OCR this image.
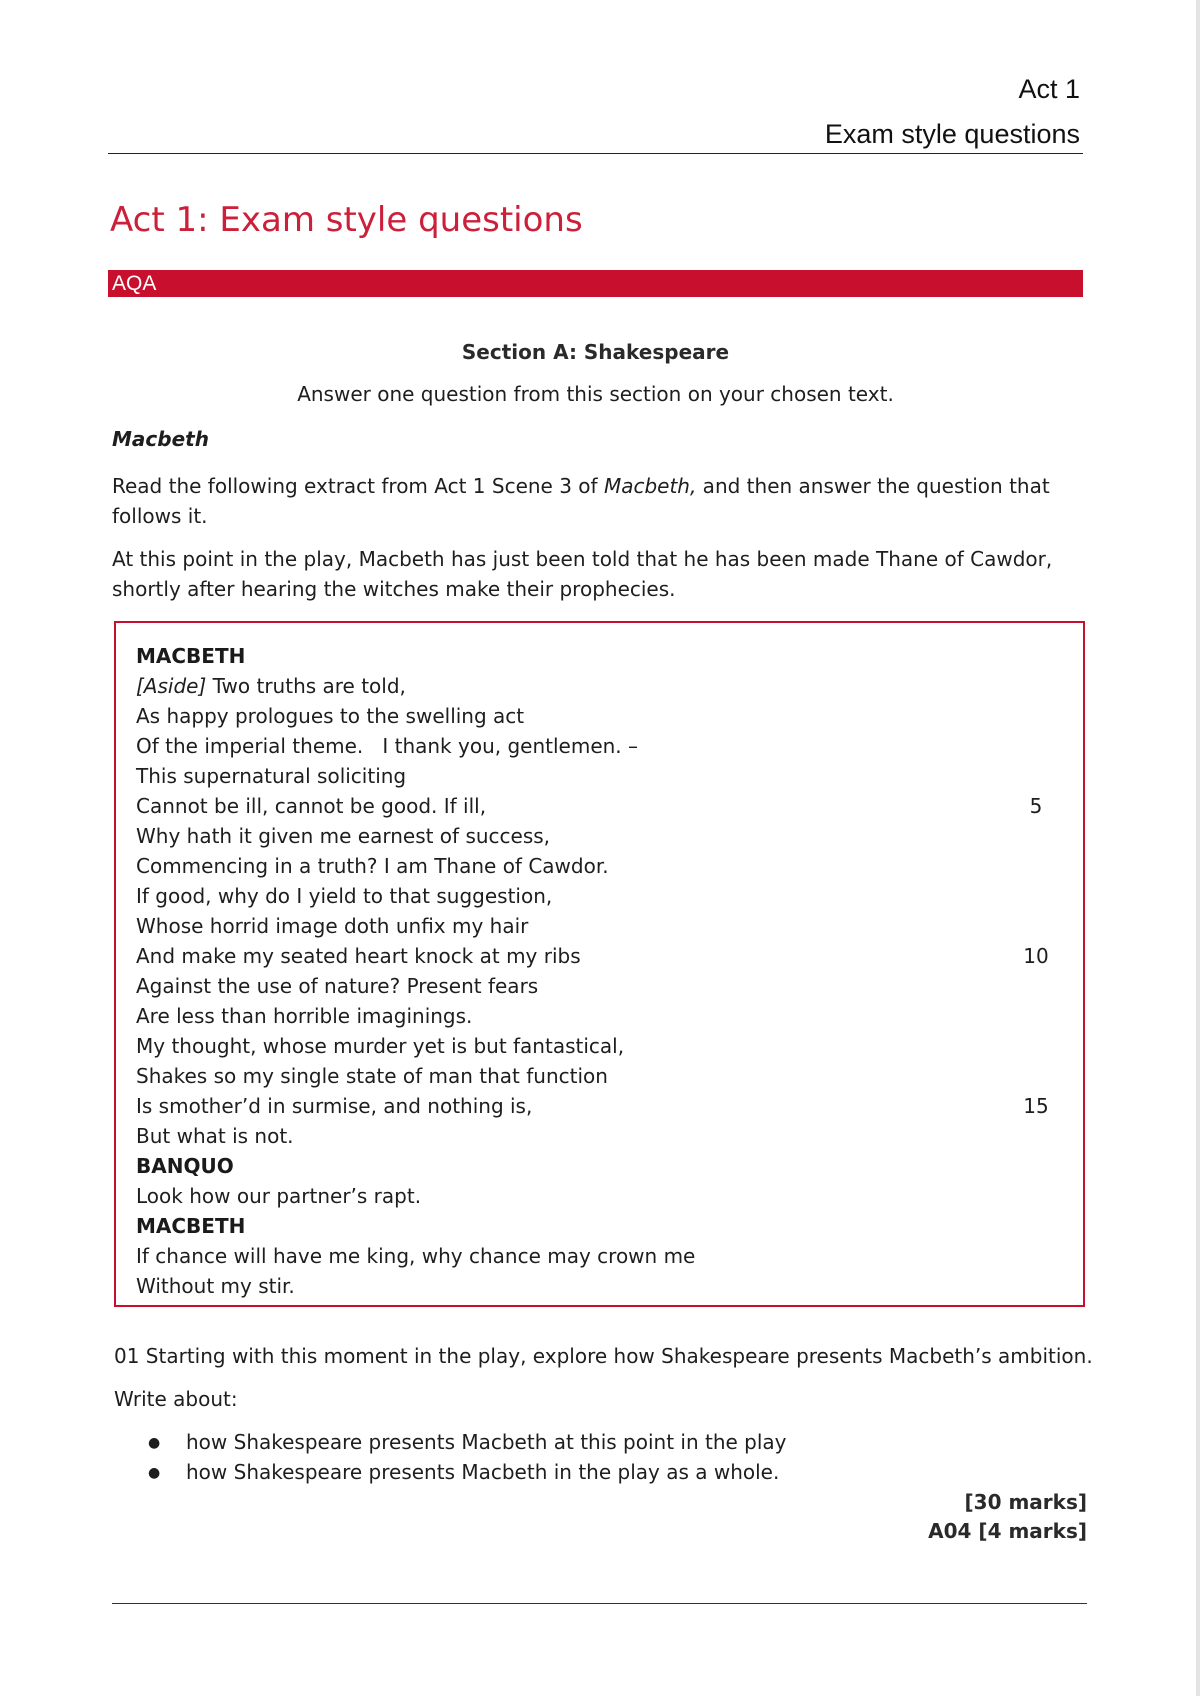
Act 1
Exam style questions
Act 1: Exam style questions
AQA
Section A: Shakespeare
Answer one question from this section on your chosen text.
Macbeth
Read the following extract from Act 1 Scene 3 of Macbeth, and then answer the question that follows it.
At this point in the play, Macbeth has just been told that he has been made Thane of Cawdor, shortly after hearing the witches make their prophecies.
MACBETH
[Aside] Two truths are told,
As happy prologues to the swelling act
Of the imperial theme.   I thank you, gentlemen. –
This supernatural soliciting
Cannot be ill, cannot be good. If ill,
Why hath it given me earnest of success,
Commencing in a truth? I am Thane of Cawdor.
If good, why do I yield to that suggestion,
Whose horrid image doth unfix my hair
And make my seated heart knock at my ribs
Against the use of nature? Present fears
Are less than horrible imaginings.
My thought, whose murder yet is but fantastical,
Shakes so my single state of man that function
Is smother’d in surmise, and nothing is,
But what is not.
BANQUO
Look how our partner’s rapt.
MACBETH
If chance will have me king, why chance may crown me
Without my stir.
5
10
15
01 Starting with this moment in the play, explore how Shakespeare presents Macbeth’s ambition.
Write about:
● how Shakespeare presents Macbeth at this point in the play
● how Shakespeare presents Macbeth in the play as a whole.
[30 marks]
A04 [4 marks]
